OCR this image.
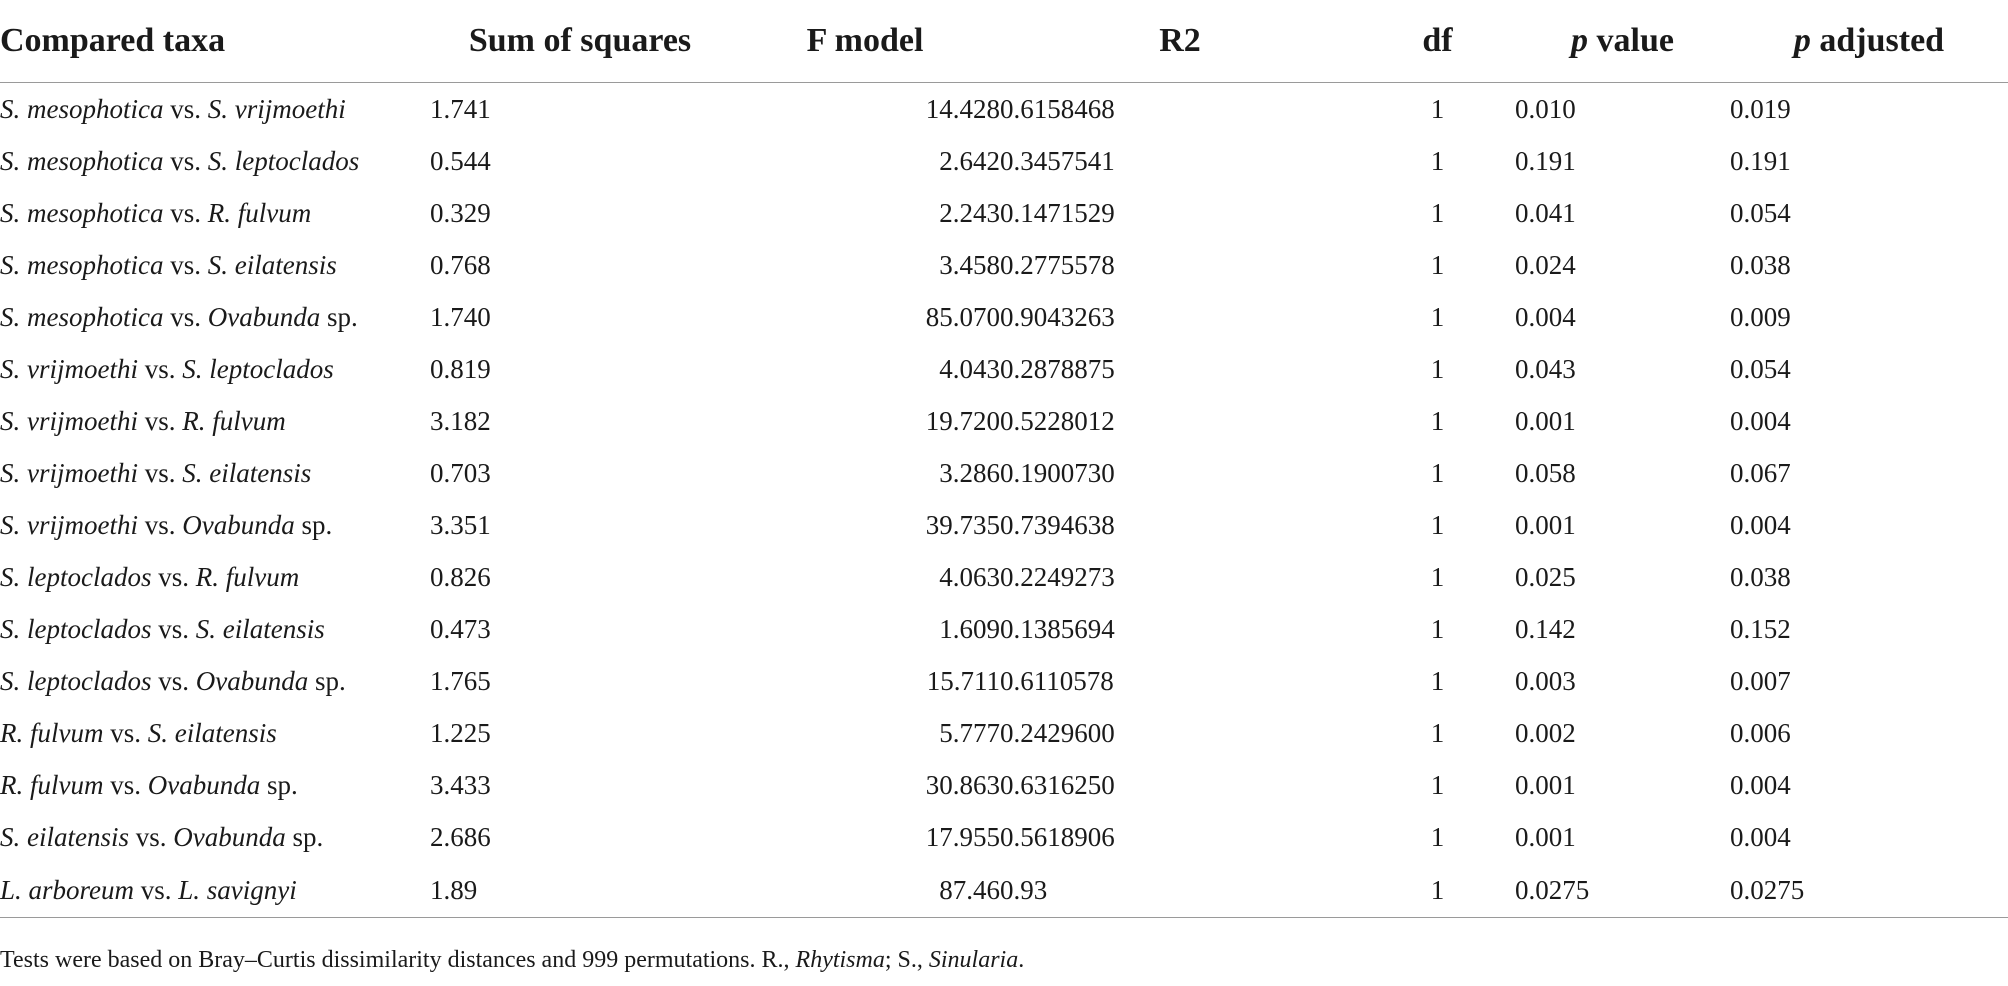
Compared taxa	Sum of squares	F model	R2	df	p value	p adjusted
S. mesophotica vs. S. vrijmoethi	1.741	14.428	0.6158468	1	0.010	0.019
S. mesophotica vs. S. leptoclados	0.544	2.642	0.3457541	1	0.191	0.191
S. mesophotica vs. R. fulvum	0.329	2.243	0.1471529	1	0.041	0.054
S. mesophotica vs. S. eilatensis	0.768	3.458	0.2775578	1	0.024	0.038
S. mesophotica vs. Ovabunda sp.	1.740	85.070	0.9043263	1	0.004	0.009
S. vrijmoethi vs. S. leptoclados	0.819	4.043	0.2878875	1	0.043	0.054
S. vrijmoethi vs. R. fulvum	3.182	19.720	0.5228012	1	0.001	0.004
S. vrijmoethi vs. S. eilatensis	0.703	3.286	0.1900730	1	0.058	0.067
S. vrijmoethi vs. Ovabunda sp.	3.351	39.735	0.7394638	1	0.001	0.004
S. leptoclados vs. R. fulvum	0.826	4.063	0.2249273	1	0.025	0.038
S. leptoclados vs. S. eilatensis	0.473	1.609	0.1385694	1	0.142	0.152
S. leptoclados vs. Ovabunda sp.	1.765	15.711	0.6110578	1	0.003	0.007
R. fulvum vs. S. eilatensis	1.225	5.777	0.2429600	1	0.002	0.006
R. fulvum vs. Ovabunda sp.	3.433	30.863	0.6316250	1	0.001	0.004
S. eilatensis vs. Ovabunda sp.	2.686	17.955	0.5618906	1	0.001	0.004
L. arboreum vs. L. savignyi	1.89	87.46	0.93	1	0.0275	0.0275
Tests were based on Bray–Curtis dissimilarity distances and 999 permutations. R., Rhytisma; S., Sinularia.
